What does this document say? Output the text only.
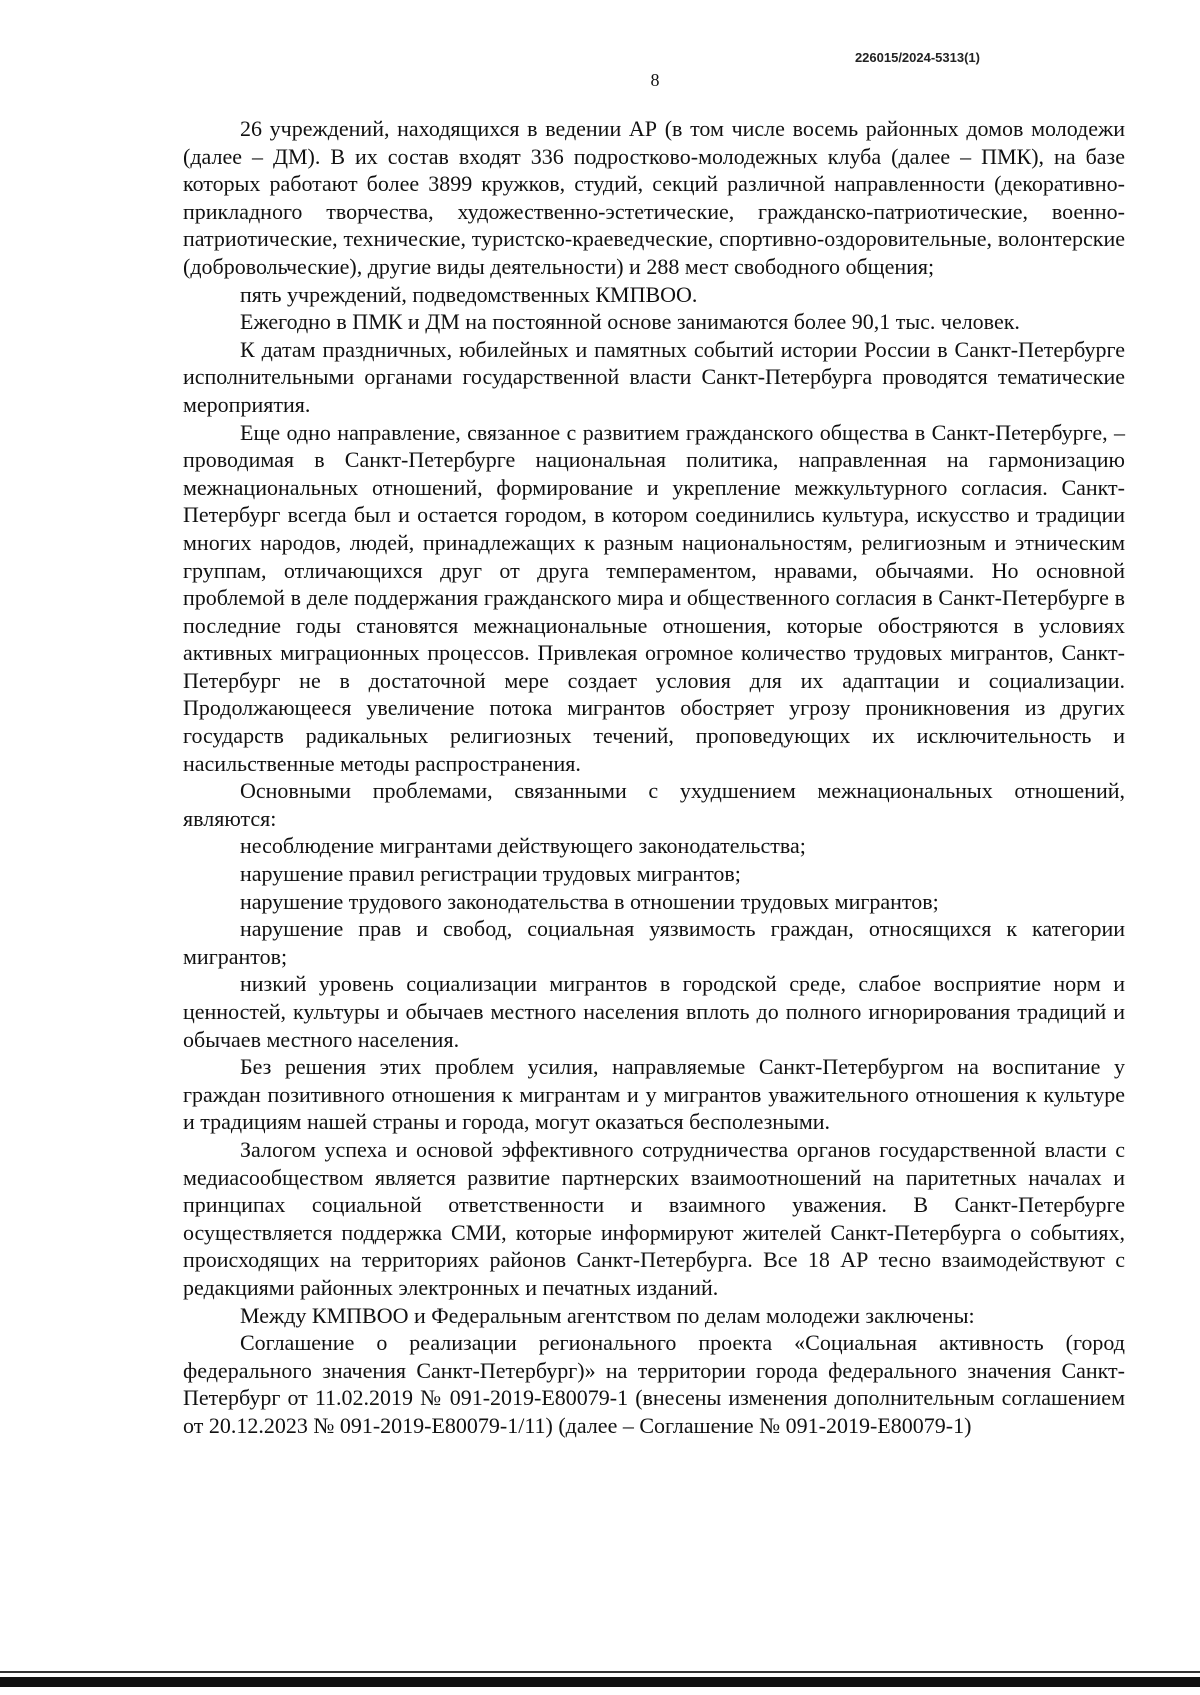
226015/2024-5313(1)
8

26 учреждений, находящихся в ведении АР (в том числе восемь районных домов молодежи (далее – ДМ). В их состав входят 336 подростково-молодежных клуба (далее – ПМК), на базе которых работают более 3899 кружков, студий, секций различной направленности (декоративно-прикладного творчества, художественно-эстетические, гражданско-патриотические, военно-патриотические, технические, туристско-краеведческие, спортивно-оздоровительные, волонтерские (добровольческие), другие виды деятельности) и 288 мест свободного общения;

пять учреждений, подведомственных КМПВОО.

Ежегодно в ПМК и ДМ на постоянной основе занимаются более 90,1 тыс. человек.

К датам праздничных, юбилейных и памятных событий истории России в Санкт-Петербурге исполнительными органами государственной власти Санкт-Петербурга проводятся тематические мероприятия.

Еще одно направление, связанное с развитием гражданского общества в Санкт-Петербурге, – проводимая в Санкт-Петербурге национальная политика, направленная на гармонизацию межнациональных отношений, формирование и укрепление межкультурного согласия. Санкт-Петербург всегда был и остается городом, в котором соединились культура, искусство и традиции многих народов, людей, принадлежащих к разным национальностям, религиозным и этническим группам, отличающихся друг от друга темпераментом, нравами, обычаями. Но основной проблемой в деле поддержания гражданского мира и общественного согласия в Санкт-Петербурге в последние годы становятся межнациональные отношения, которые обостряются в условиях активных миграционных процессов. Привлекая огромное количество трудовых мигрантов, Санкт-Петербург не в достаточной мере создает условия для их адаптации и социализации. Продолжающееся увеличение потока мигрантов обостряет угрозу проникновения из других государств радикальных религиозных течений, проповедующих их исключительность и насильственные методы распространения.

Основными проблемами, связанными с ухудшением межнациональных отношений, являются:

несоблюдение мигрантами действующего законодательства;

нарушение правил регистрации трудовых мигрантов;

нарушение трудового законодательства в отношении трудовых мигрантов;

нарушение прав и свобод, социальная уязвимость граждан, относящихся к категории мигрантов;

низкий уровень социализации мигрантов в городской среде, слабое восприятие норм и ценностей, культуры и обычаев местного населения вплоть до полного игнорирования традиций и обычаев местного населения.

Без решения этих проблем усилия, направляемые Санкт-Петербургом на воспитание у граждан позитивного отношения к мигрантам и у мигрантов уважительного отношения к культуре и традициям нашей страны и города, могут оказаться бесполезными.

Залогом успеха и основой эффективного сотрудничества органов государственной власти с медиасообществом является развитие партнерских взаимоотношений на паритетных началах и принципах социальной ответственности и взаимного уважения. В Санкт-Петербурге осуществляется поддержка СМИ, которые информируют жителей Санкт-Петербурга о событиях, происходящих на территориях районов Санкт-Петербурга. Все 18 АР тесно взаимодействуют с редакциями районных электронных и печатных изданий.

Между КМПВОО и Федеральным агентством по делам молодежи заключены:

Соглашение о реализации регионального проекта «Социальная активность (город федерального значения Санкт-Петербург)» на территории города федерального значения Санкт-Петербург от 11.02.2019 № 091-2019-Е80079-1 (внесены изменения дополнительным соглашением от 20.12.2023 № 091-2019-Е80079-1/11) (далее – Соглашение № 091-2019-Е80079-1)
